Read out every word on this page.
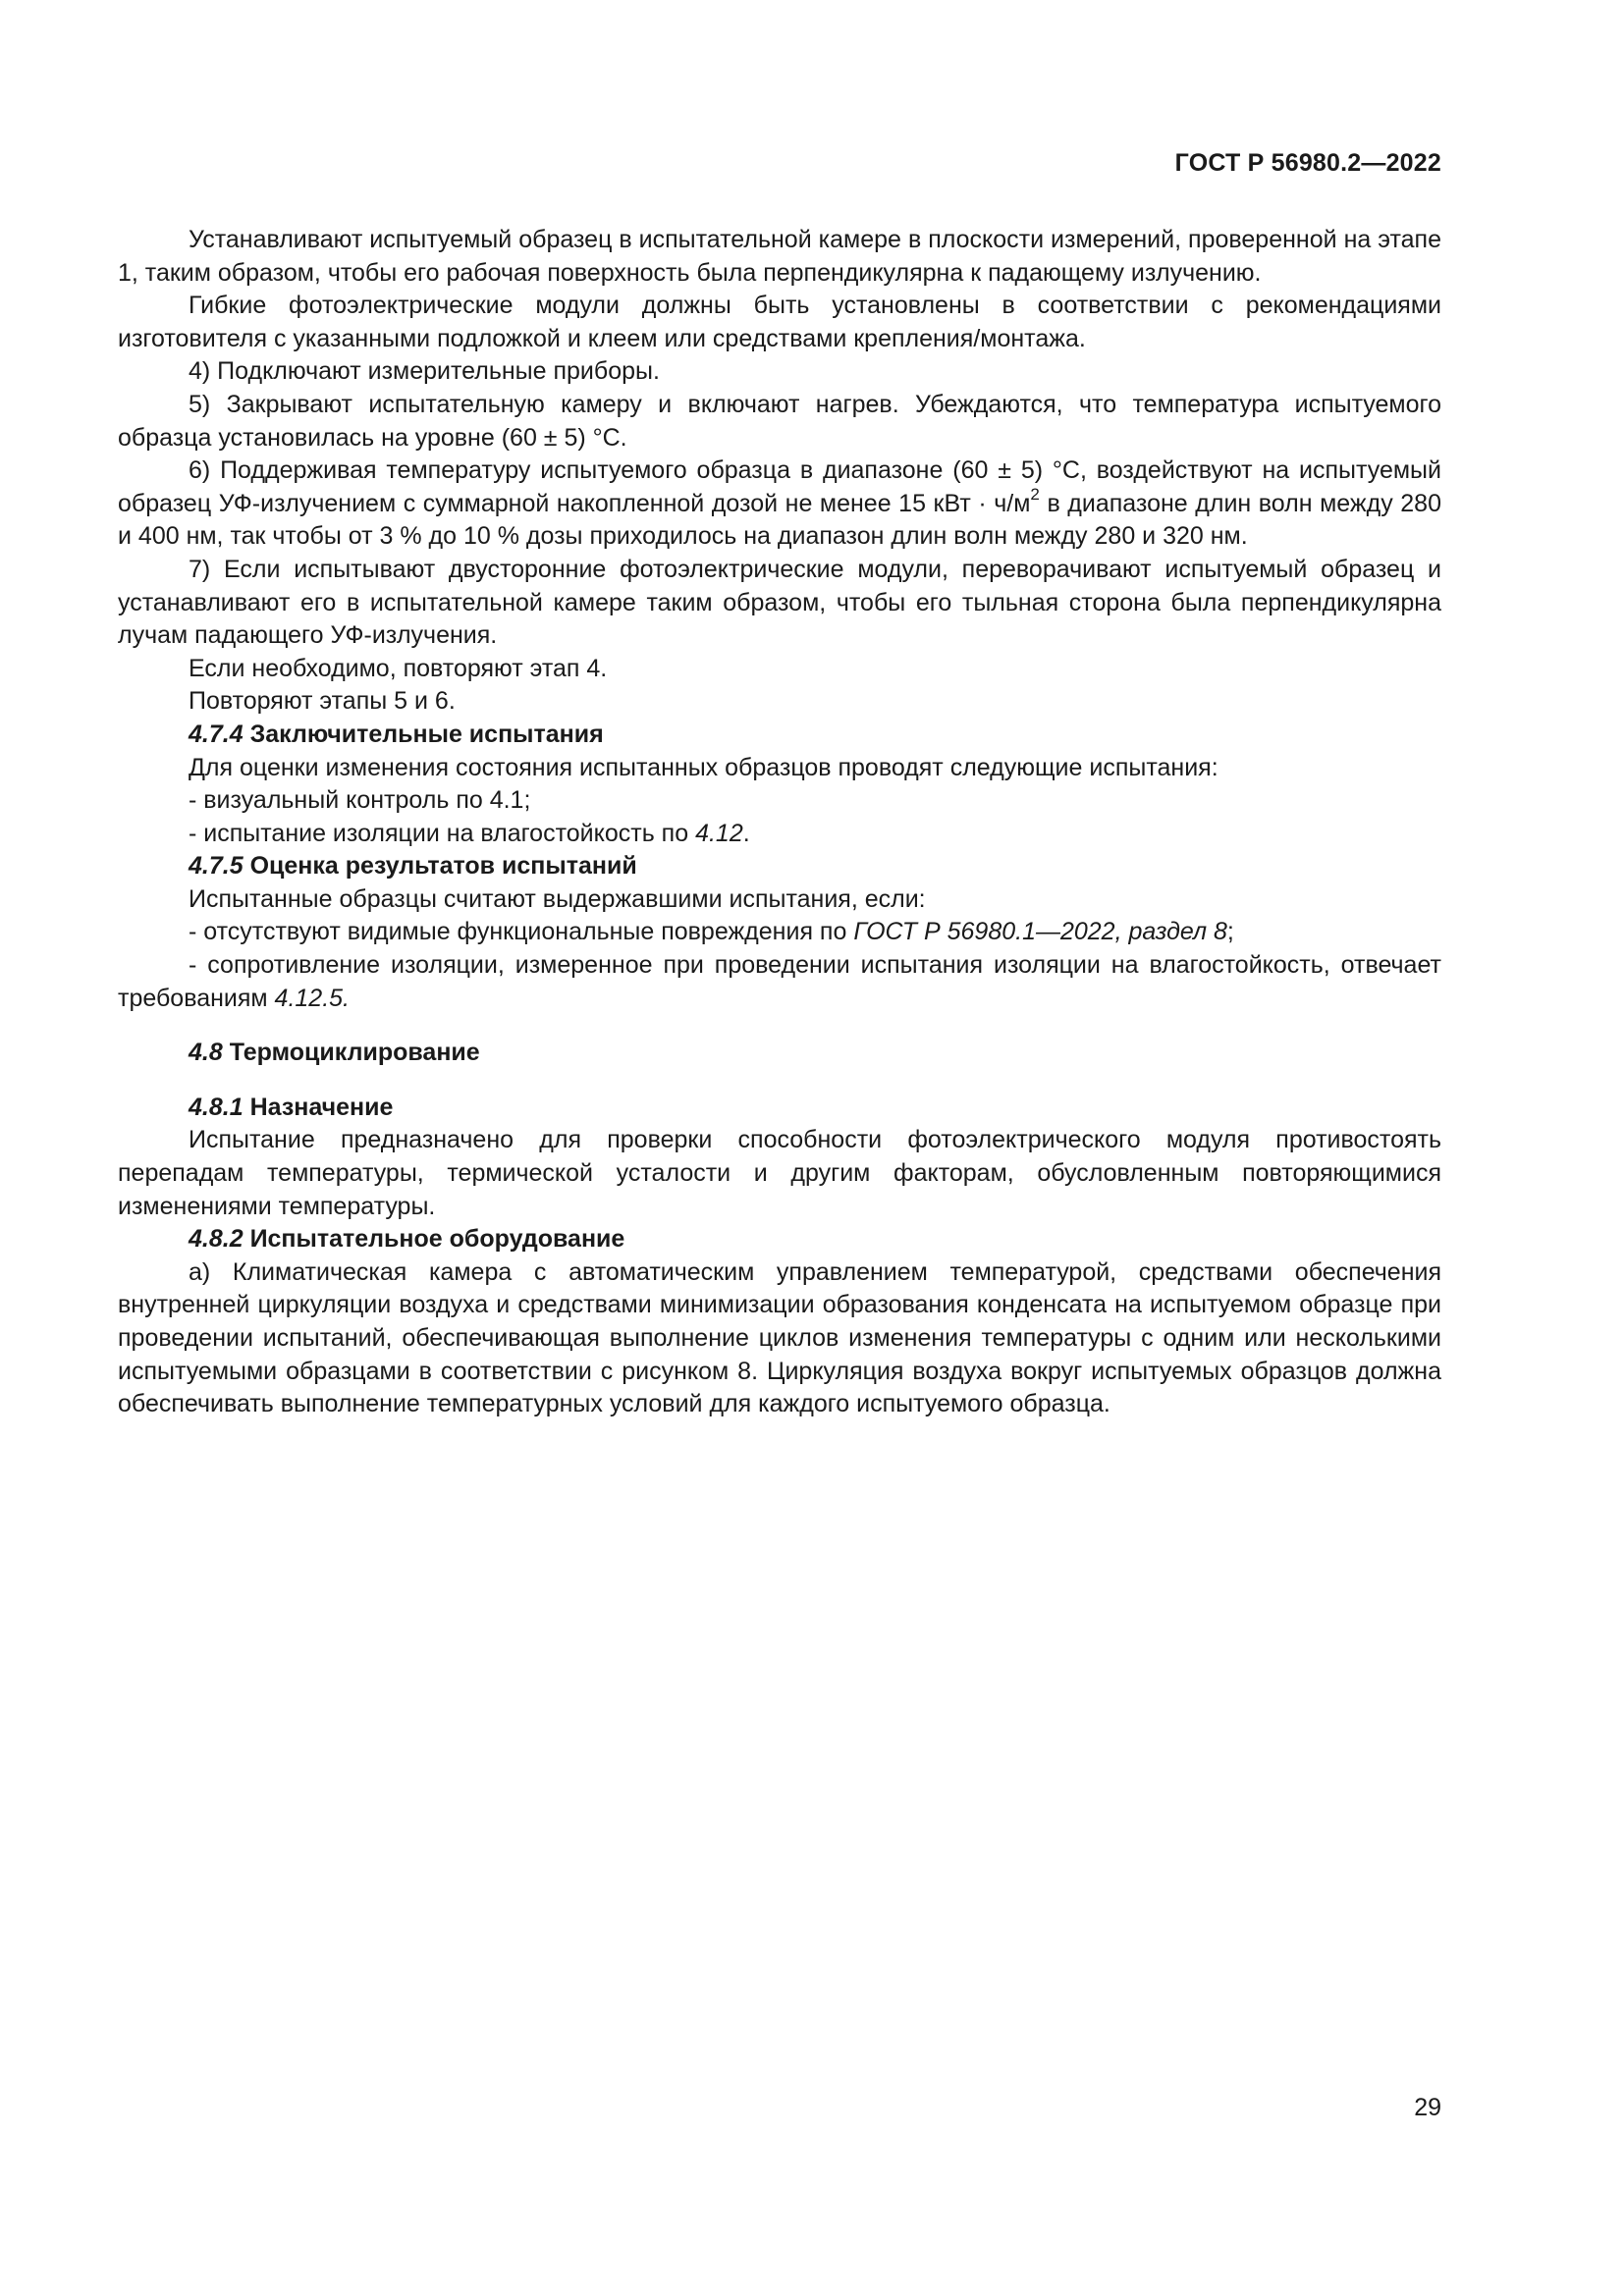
ГОСТ Р 56980.2—2022

Устанавливают испытуемый образец в испытательной камере в плоскости измерений, проверенной на этапе 1, таким образом, чтобы его рабочая поверхность была перпендикулярна к падающему излучению.

Гибкие фотоэлектрические модули должны быть установлены в соответствии с рекомендациями изготовителя с указанными подложкой и клеем или средствами крепления/монтажа.

4) Подключают измерительные приборы.

5) Закрывают испытательную камеру и включают нагрев. Убеждаются, что температура испытуемого образца установилась на уровне (60 ± 5) °С.

6) Поддерживая температуру испытуемого образца в диапазоне (60 ± 5) °С, воздействуют на испытуемый образец УФ-излучением с суммарной накопленной дозой не менее 15 кВт · $ч/м^2$ в диапазоне длин волн между 280 и 400 нм, так чтобы от 3 % до 10 % дозы приходилось на диапазон длин волн между 280 и 320 нм.

7) Если испытывают двусторонние фотоэлектрические модули, переворачивают испытуемый образец и устанавливают его в испытательной камере таким образом, чтобы его тыльная сторона была перпендикулярна лучам падающего УФ-излучения.

Если необходимо, повторяют этап 4.

Повторяют этапы 5 и 6.

4.7.4 Заключительные испытания

Для оценки изменения состояния испытанных образцов проводят следующие испытания:

- визуальный контроль по 4.1;

- испытание изоляции на влагостойкость по 4.12.

4.7.5 Оценка результатов испытаний

Испытанные образцы считают выдержавшими испытания, если:

- отсутствуют видимые функциональные повреждения по ГОСТ Р 56980.1—2022, раздел 8;

- сопротивление изоляции, измеренное при проведении испытания изоляции на влагостойкость, отвечает требованиям 4.12.5.

4.8 Термоциклирование

4.8.1 Назначение

Испытание предназначено для проверки способности фотоэлектрического модуля противостоять перепадам температуры, термической усталости и другим факторам, обусловленным повторяющимися изменениями температуры.

4.8.2 Испытательное оборудование

а) Климатическая камера с автоматическим управлением температурой, средствами обеспечения внутренней циркуляции воздуха и средствами минимизации образования конденсата на испытуемом образце при проведении испытаний, обеспечивающая выполнение циклов изменения температуры с одним или несколькими испытуемыми образцами в соответствии с рисунком 8. Циркуляция воздуха вокруг испытуемых образцов должна обеспечивать выполнение температурных условий для каждого испытуемого образца.

29
